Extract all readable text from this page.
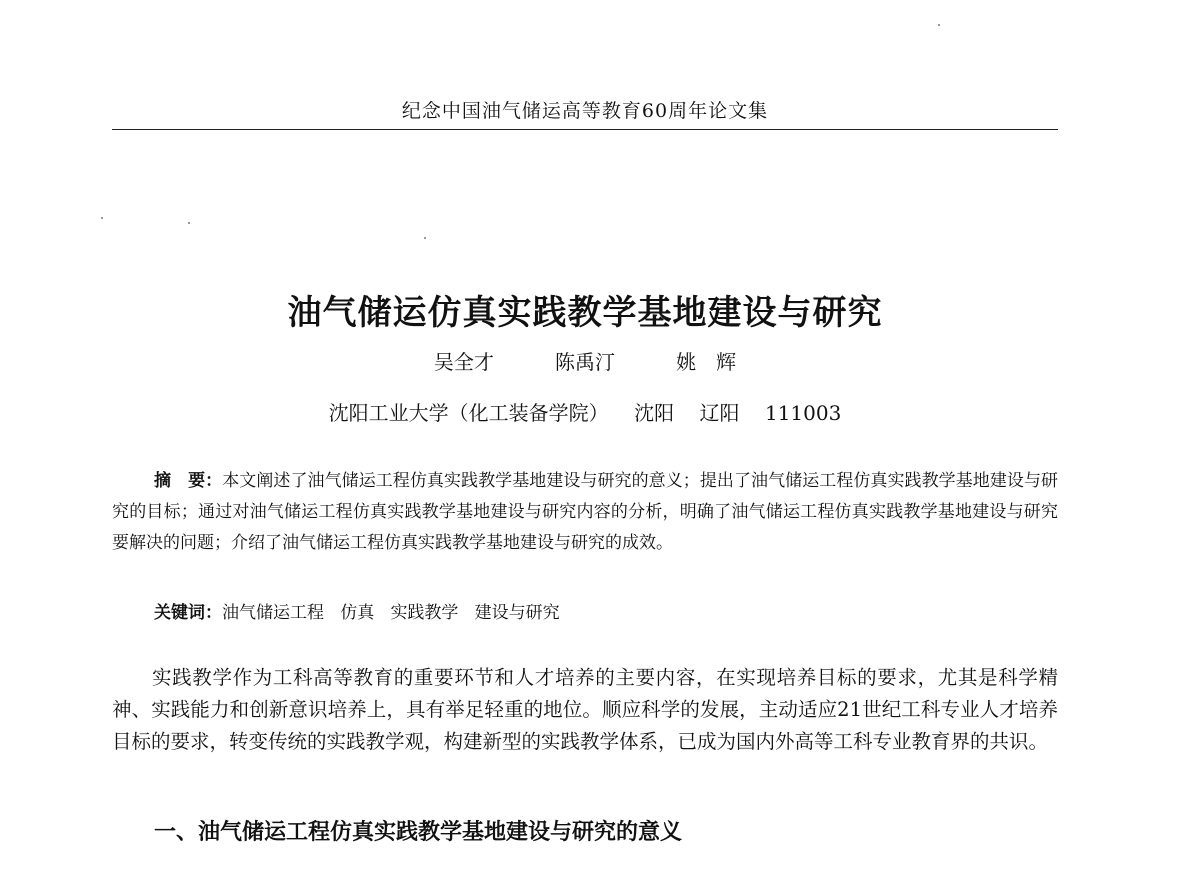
纪念中国油气储运高等教育60周年论文集
油气储运仿真实践教学基地建设与研究
吴全才	陈禹汀	姚　辉
沈阳工业大学（化工装备学院） 沈阳 辽阳 111003

摘　要：本文阐述了油气储运工程仿真实践教学基地建设与研究的意义；提出了油气储运工程仿真实践教学基地建设与研究的目标；通过对油气储运工程仿真实践教学基地建设与研究内容的分析，明确了油气储运工程仿真实践教学基地建设与研究要解决的问题；介绍了油气储运工程仿真实践教学基地建设与研究的成效。

关键词：油气储运工程 仿真 实践教学 建设与研究

实践教学作为工科高等教育的重要环节和人才培养的主要内容，在实现培养目标的要求，尤其是科学精神、实践能力和创新意识培养上，具有举足轻重的地位。顺应科学的发展，主动适应21世纪工科专业人才培养目标的要求，转变传统的实践教学观，构建新型的实践教学体系，已成为国内外高等工科专业教育界的共识。

一、油气储运工程仿真实践教学基地建设与研究的意义
